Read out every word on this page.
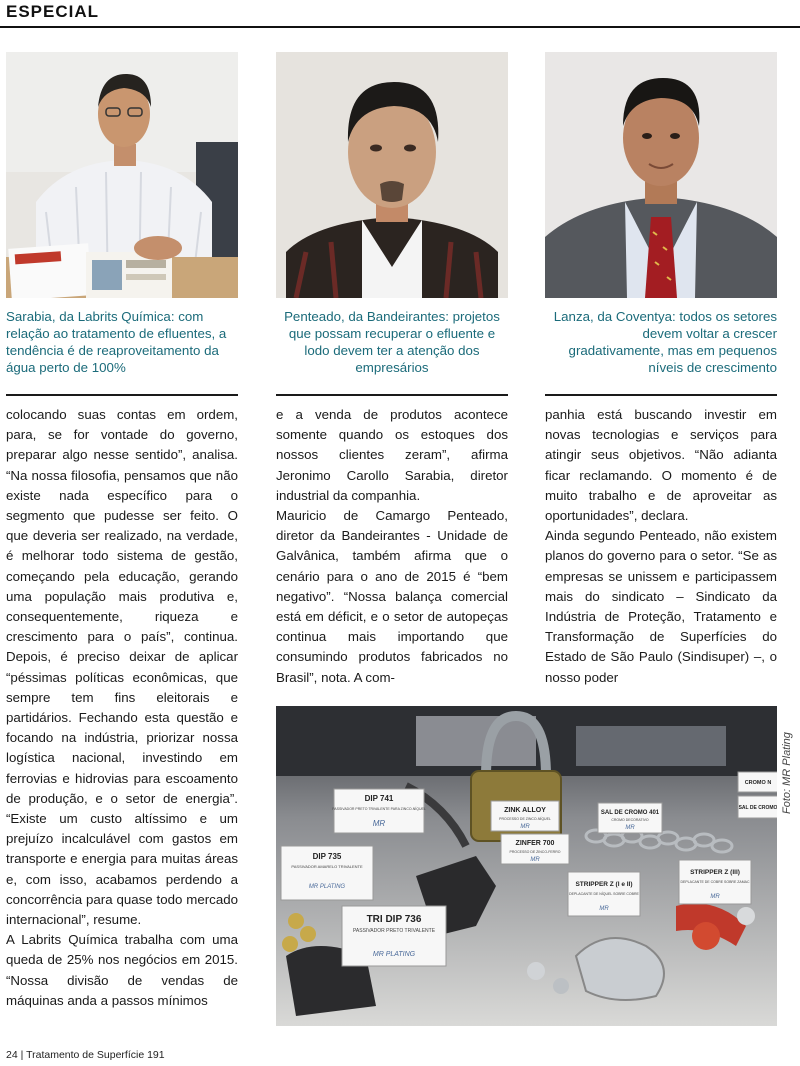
ESPECIAL
Sarabia, da Labrits Química: com relação ao tratamento de efluentes, a tendência é de reaproveitamento da água perto de 100%
Penteado, da Bandeirantes: projetos que possam recuperar o efluente e lodo devem ter a atenção dos empresários
Lanza, da Coventya: todos os setores devem voltar a crescer gradativamente, mas em pequenos níveis de crescimento

colocando suas contas em ordem, para, se for vontade do governo, preparar algo nesse sentido”, analisa. “Na nossa filosofia, pensamos que não existe nada específico para o segmento que pudesse ser feito. O que deveria ser realizado, na verdade, é melhorar todo sistema de gestão, começando pela educação, gerando uma população mais produtiva e, consequentemente, riqueza e crescimento para o país”, continua. Depois, é preciso deixar de aplicar “péssimas políticas econômicas, que sempre tem fins eleitorais e partidários. Fechando esta questão e focando na indústria, priorizar nossa logística nacional, investindo em ferrovias e hidrovias para escoamento de produção, e o setor de energia”. “Existe um custo altíssimo e um prejuízo incalculável com gastos em transporte e energia para muitas áreas e, com isso, acabamos perdendo a concorrência para quase todo mercado internacional”, resume.

A Labrits Química trabalha com uma queda de 25% nos negócios em 2015. “Nossa divisão de vendas de máquinas anda a passos mínimos

e a venda de produtos acontece somente quando os estoques dos nossos clientes zeram”, afirma Jeronimo Carollo Sarabia, diretor industrial da companhia.

Mauricio de Camargo Penteado, diretor da Bandeirantes - Unidade de Galvânica, também afirma que o cenário para o ano de 2015 é “bem negativo”. “Nossa balança comercial está em déficit, e o setor de autopeças continua mais importando que consumindo produtos fabricados no Brasil”, nota. A com-

panhia está buscando investir em novas tecnologias e serviços para atingir seus objetivos. “Não adianta ficar reclamando. O momento é de muito trabalho e de aproveitar as oportunidades”, declara.

Ainda segundo Penteado, não existem planos do governo para o setor. “Se as empresas se unissem e participassem mais do sindicato – Sindicato da Indústria de Proteção, Tratamento e Transformação de Superfícies do Estado de São Paulo (Sindisuper) –, o nosso poder

DIP 741
PASSIVADOR PRETO TRIVALENTE PARA ZINCO-NÍQUEL
MR
ZINK ALLOY
PROCESSO DE ZINCO-NÍQUEL
MR
SAL DE CROMO 401
CROMO DECORATIVO
MR
ZINFER 700
PROCESSO DE ZINCO-FERRO
MR
DIP 735
PASSIVADOR AMARELO TRIVALENTE
MR PLATING
TRI DIP 736
PASSIVADOR PRETO TRIVALENTE
MR PLATING
STRIPPER Z (I e II)
DEPLACANTE DE NÍQUEL SOBRE COBRE
MR
STRIPPER Z (III)
DEPLACANTE DE COBRE SOBRE ZAMAC
MR
CROMO N
SAL DE CROMO Foto: MR Plating
24 | Tratamento de Superfície 191
